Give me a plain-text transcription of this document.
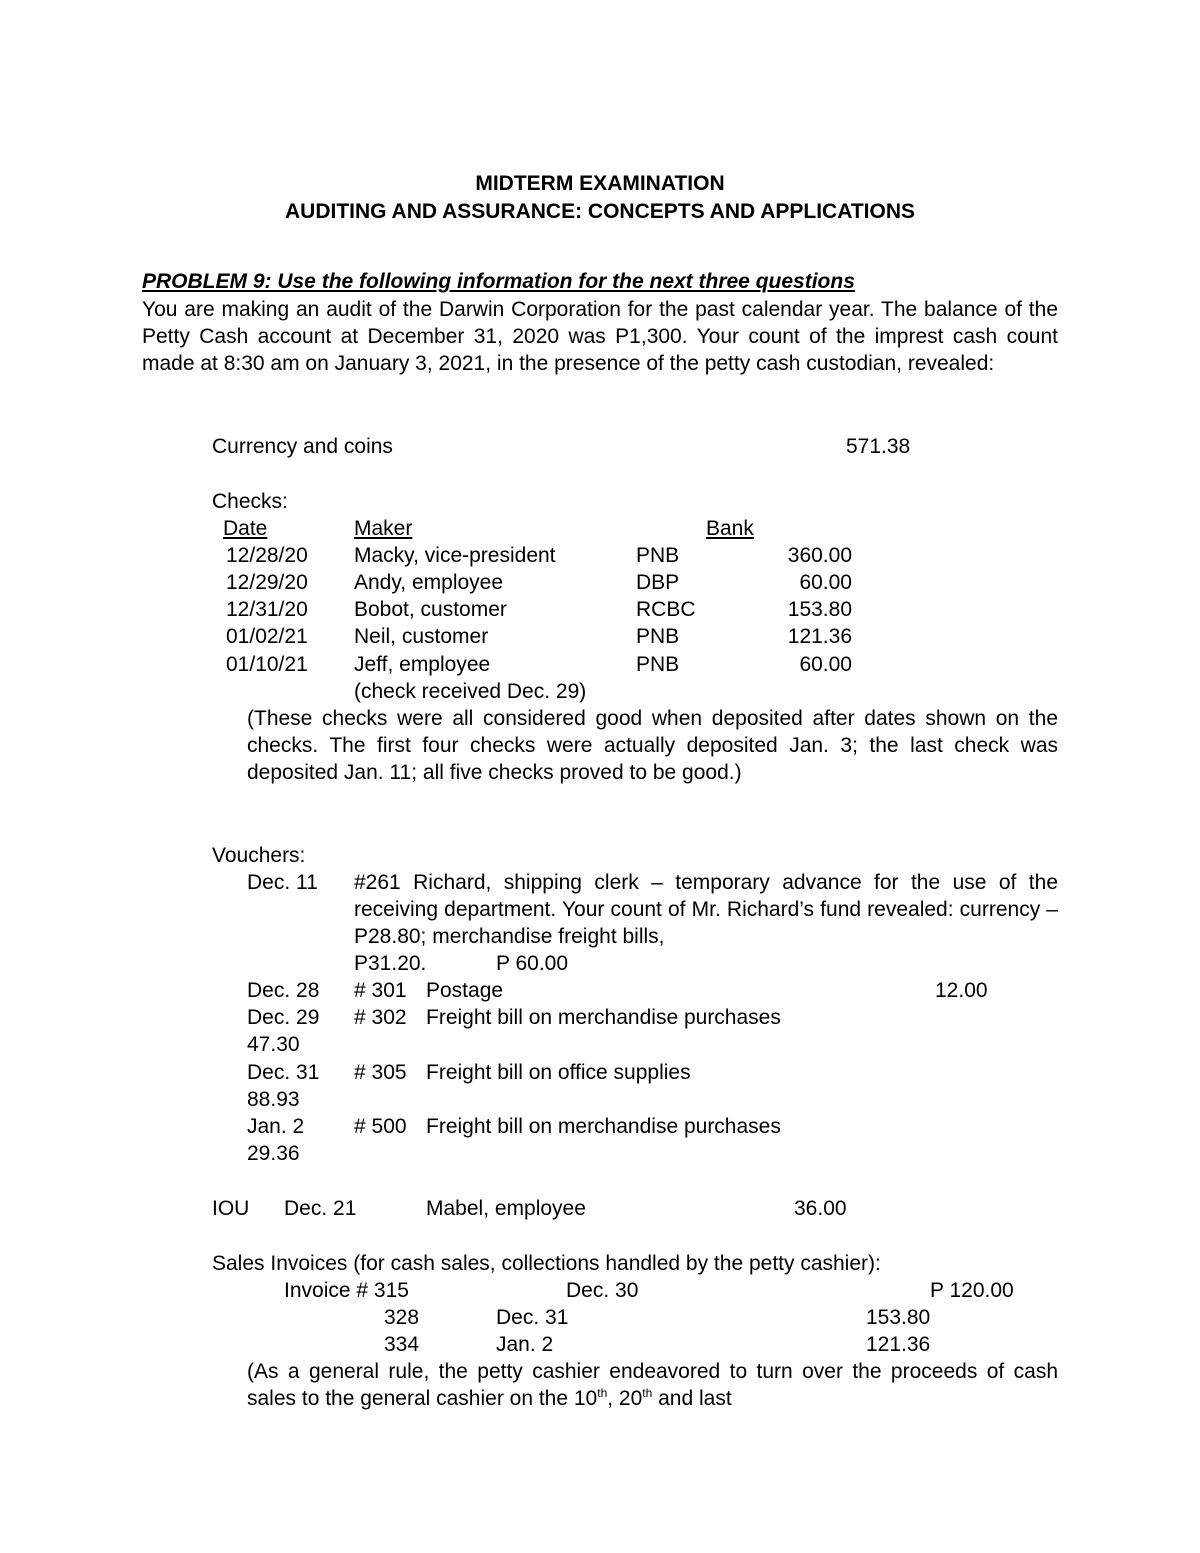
MIDTERM EXAMINATION
AUDITING AND ASSURANCE: CONCEPTS AND APPLICATIONS
PROBLEM 9: Use the following information for the next three questions
You are making an audit of the Darwin Corporation for the past calendar year. The balance of the Petty Cash account at December 31, 2020 was P1,300. Your count of the imprest cash count made at 8:30 am on January 3, 2021, in the presence of the petty cash custodian, revealed:
Currency and coins	571.38
Checks:
Date	Maker	Bank
12/28/20 Macky, vice-president	PNB	360.00
12/29/20 Andy, employee	DBP	60.00
12/31/20 Bobot, customer	RCBC	153.80
01/02/21 Neil, customer	PNB	121.36
01/10/21 Jeff, employee	PNB	60.00
(check received Dec. 29)
(These checks were all considered good when deposited after dates shown on the checks. The first four checks were actually deposited Jan. 3; the last check was deposited Jan. 11; all five checks proved to be good.)
Vouchers:
Dec. 11 #261 Richard, shipping clerk – temporary advance for the use of the receiving department. Your count of Mr. Richard’s fund revealed: currency – P28.80; merchandise freight bills,
P31.20.	P 60.00
Dec. 28 # 301 Postage	12.00
Dec. 29 # 302 Freight bill on merchandise purchases
47.30
Dec. 31 # 305 Freight bill on office supplies
88.93
Jan. 2 # 500 Freight bill on merchandise purchases
29.36
IOU Dec. 21	Mabel, employee	36.00
Sales Invoices (for cash sales, collections handled by the petty cashier):
Invoice # 315	Dec. 30	P 120.00
328	Dec. 31	153.80
334	Jan. 2	121.36
(As a general rule, the petty cashier endeavored to turn over the proceeds of cash sales to the general cashier on the 10th, 20th and last
